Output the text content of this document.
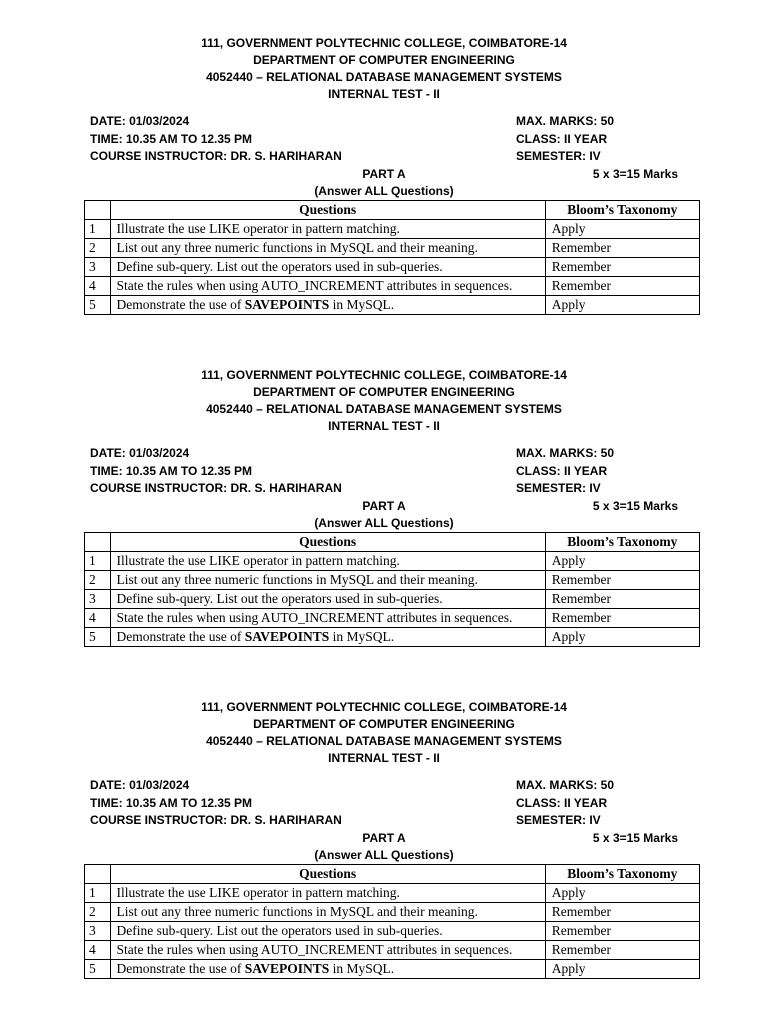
111, GOVERNMENT POLYTECHNIC COLLEGE, COIMBATORE-14
DEPARTMENT OF COMPUTER ENGINEERING
4052440 – RELATIONAL DATABASE MANAGEMENT SYSTEMS
INTERNAL TEST - II
DATE: 01/03/2024
TIME: 10.35 AM TO 12.35 PM
COURSE INSTRUCTOR: DR. S. HARIHARAN
MAX. MARKS: 50
CLASS: II YEAR
SEMESTER: IV
PART A	5 x 3=15 Marks
(Answer ALL Questions)
	Questions	Bloom’s Taxonomy
1	Illustrate the use LIKE operator in pattern matching.	Apply
2	List out any three numeric functions in MySQL and their meaning.	Remember
3	Define sub-query. List out the operators used in sub-queries.	Remember
4	State the rules when using AUTO_INCREMENT attributes in sequences.	Remember
5	Demonstrate the use of SAVEPOINTS in MySQL.	Apply
111, GOVERNMENT POLYTECHNIC COLLEGE, COIMBATORE-14
DEPARTMENT OF COMPUTER ENGINEERING
4052440 – RELATIONAL DATABASE MANAGEMENT SYSTEMS
INTERNAL TEST - II
DATE: 01/03/2024
TIME: 10.35 AM TO 12.35 PM
COURSE INSTRUCTOR: DR. S. HARIHARAN
MAX. MARKS: 50
CLASS: II YEAR
SEMESTER: IV
PART A	5 x 3=15 Marks
(Answer ALL Questions)
	Questions	Bloom’s Taxonomy
1	Illustrate the use LIKE operator in pattern matching.	Apply
2	List out any three numeric functions in MySQL and their meaning.	Remember
3	Define sub-query. List out the operators used in sub-queries.	Remember
4	State the rules when using AUTO_INCREMENT attributes in sequences.	Remember
5	Demonstrate the use of SAVEPOINTS in MySQL.	Apply
111, GOVERNMENT POLYTECHNIC COLLEGE, COIMBATORE-14
DEPARTMENT OF COMPUTER ENGINEERING
4052440 – RELATIONAL DATABASE MANAGEMENT SYSTEMS
INTERNAL TEST - II
DATE: 01/03/2024
TIME: 10.35 AM TO 12.35 PM
COURSE INSTRUCTOR: DR. S. HARIHARAN
MAX. MARKS: 50
CLASS: II YEAR
SEMESTER: IV
PART A	5 x 3=15 Marks
(Answer ALL Questions)
	Questions	Bloom’s Taxonomy
1	Illustrate the use LIKE operator in pattern matching.	Apply
2	List out any three numeric functions in MySQL and their meaning.	Remember
3	Define sub-query. List out the operators used in sub-queries.	Remember
4	State the rules when using AUTO_INCREMENT attributes in sequences.	Remember
5	Demonstrate the use of SAVEPOINTS in MySQL.	Apply
